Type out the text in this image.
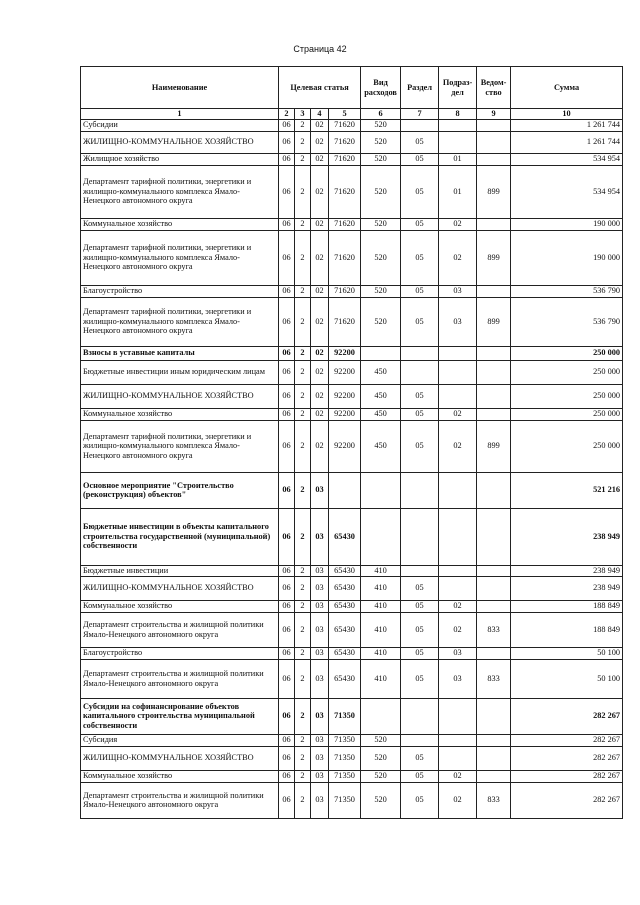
Страница 42
Наименование	Целевая статья				Вид расходов	Раздел	Подраз-дел	Ведом-ство	Сумма
1	2	3	4	5	6	7	8	9	10
Субсидии	06	2	02	71620	520				1 261 744
ЖИЛИЩНО-КОММУНАЛЬНОЕ ХОЗЯЙСТВО	06	2	02	71620	520	05			1 261 744
Жилищное хозяйство	06	2	02	71620	520	05	01		534 954
Департамент тарифной политики, энергетики и жилищно-коммунального комплекса Ямало-Ненецкого автономного округа	06	2	02	71620	520	05	01	899	534 954
Коммунальное хозяйство	06	2	02	71620	520	05	02		190 000
Департамент тарифной политики, энергетики и жилищно-коммунального комплекса Ямало-Ненецкого автономного округа	06	2	02	71620	520	05	02	899	190 000
Благоустройство	06	2	02	71620	520	05	03		536 790
Департамент тарифной политики, энергетики и жилищно-коммунального комплекса Ямало-Ненецкого автономного округа	06	2	02	71620	520	05	03	899	536 790
Взносы в уставные капиталы	06	2	02	92200					250 000
Бюджетные инвестиции иным юридическим лицам	06	2	02	92200	450				250 000
ЖИЛИЩНО-КОММУНАЛЬНОЕ ХОЗЯЙСТВО	06	2	02	92200	450	05			250 000
Коммунальное хозяйство	06	2	02	92200	450	05	02		250 000
Департамент тарифной политики, энергетики и жилищно-коммунального комплекса Ямало-Ненецкого автономного округа	06	2	02	92200	450	05	02	899	250 000
Основное мероприятие "Строительство (реконструкция) объектов"	06	2	03						521 216
Бюджетные инвестиции в объекты капитального строительства государственной (муниципальной) собственности	06	2	03	65430					238 949
Бюджетные инвестиции	06	2	03	65430	410				238 949
ЖИЛИЩНО-КОММУНАЛЬНОЕ ХОЗЯЙСТВО	06	2	03	65430	410	05			238 949
Коммунальное хозяйство	06	2	03	65430	410	05	02		188 849
Департамент строительства и жилищной политики Ямало-Ненецкого автономного округа	06	2	03	65430	410	05	02	833	188 849
Благоустройство	06	2	03	65430	410	05	03		50 100
Департамент строительства и жилищной политики Ямало-Ненецкого автономного округа	06	2	03	65430	410	05	03	833	50 100
Субсидии на софинансирование объектов капитального строительства муниципальной собственности	06	2	03	71350					282 267
Субсидия	06	2	03	71350	520				282 267
ЖИЛИЩНО-КОММУНАЛЬНОЕ ХОЗЯЙСТВО	06	2	03	71350	520	05			282 267
Коммунальное хозяйство	06	2	03	71350	520	05	02		282 267
Департамент строительства и жилищной политики Ямало-Ненецкого автономного округа	06	2	03	71350	520	05	02	833	282 267
